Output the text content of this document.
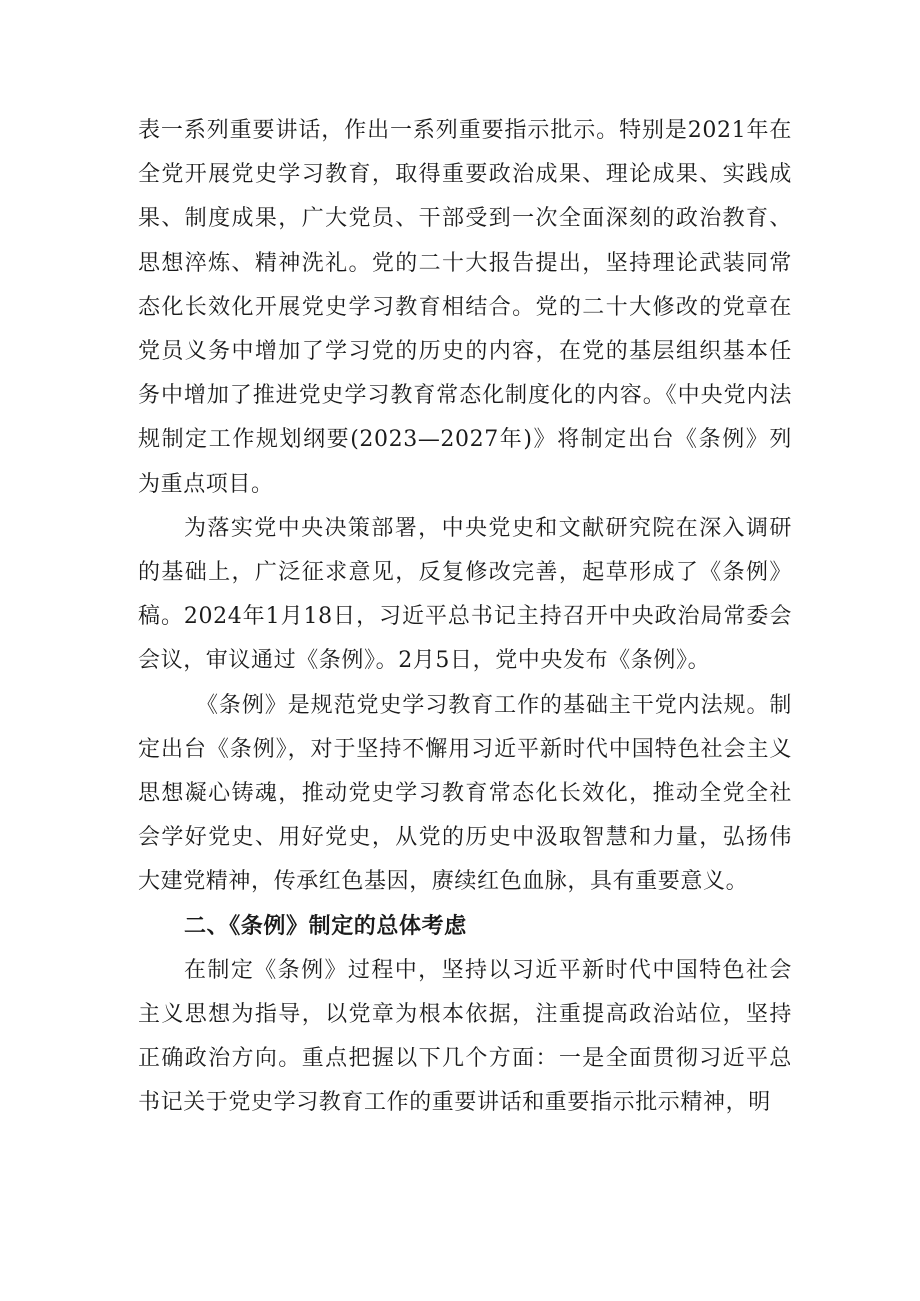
表一系列重要讲话，作出一系列重要指示批示。特别是2021年在全党开展党史学习教育，取得重要政治成果、理论成果、实践成果、制度成果，广大党员、干部受到一次全面深刻的政治教育、思想淬炼、精神洗礼。党的二十大报告提出，坚持理论武装同常态化长效化开展党史学习教育相结合。党的二十大修改的党章在党员义务中增加了学习党的历史的内容，在党的基层组织基本任务中增加了推进党史学习教育常态化制度化的内容。《中央党内法规制定工作规划纲要(2023—2027年)》将制定出台《条例》列为重点项目。

为落实党中央决策部署，中央党史和文献研究院在深入调研的基础上，广泛征求意见，反复修改完善，起草形成了《条例》稿。2024年1月18日，习近平总书记主持召开中央政治局常委会会议，审议通过《条例》。2月5日，党中央发布《条例》。

《条例》是规范党史学习教育工作的基础主干党内法规。制定出台《条例》，对于坚持不懈用习近平新时代中国特色社会主义思想凝心铸魂，推动党史学习教育常态化长效化，推动全党全社会学好党史、用好党史，从党的历史中汲取智慧和力量，弘扬伟大建党精神，传承红色基因，赓续红色血脉，具有重要意义。

二、《条例》制定的总体考虑

在制定《条例》过程中，坚持以习近平新时代中国特色社会主义思想为指导，以党章为根本依据，注重提高政治站位，坚持正确政治方向。重点把握以下几个方面：一是全面贯彻习近平总书记关于党史学习教育工作的重要讲话和重要指示批示精神，明
